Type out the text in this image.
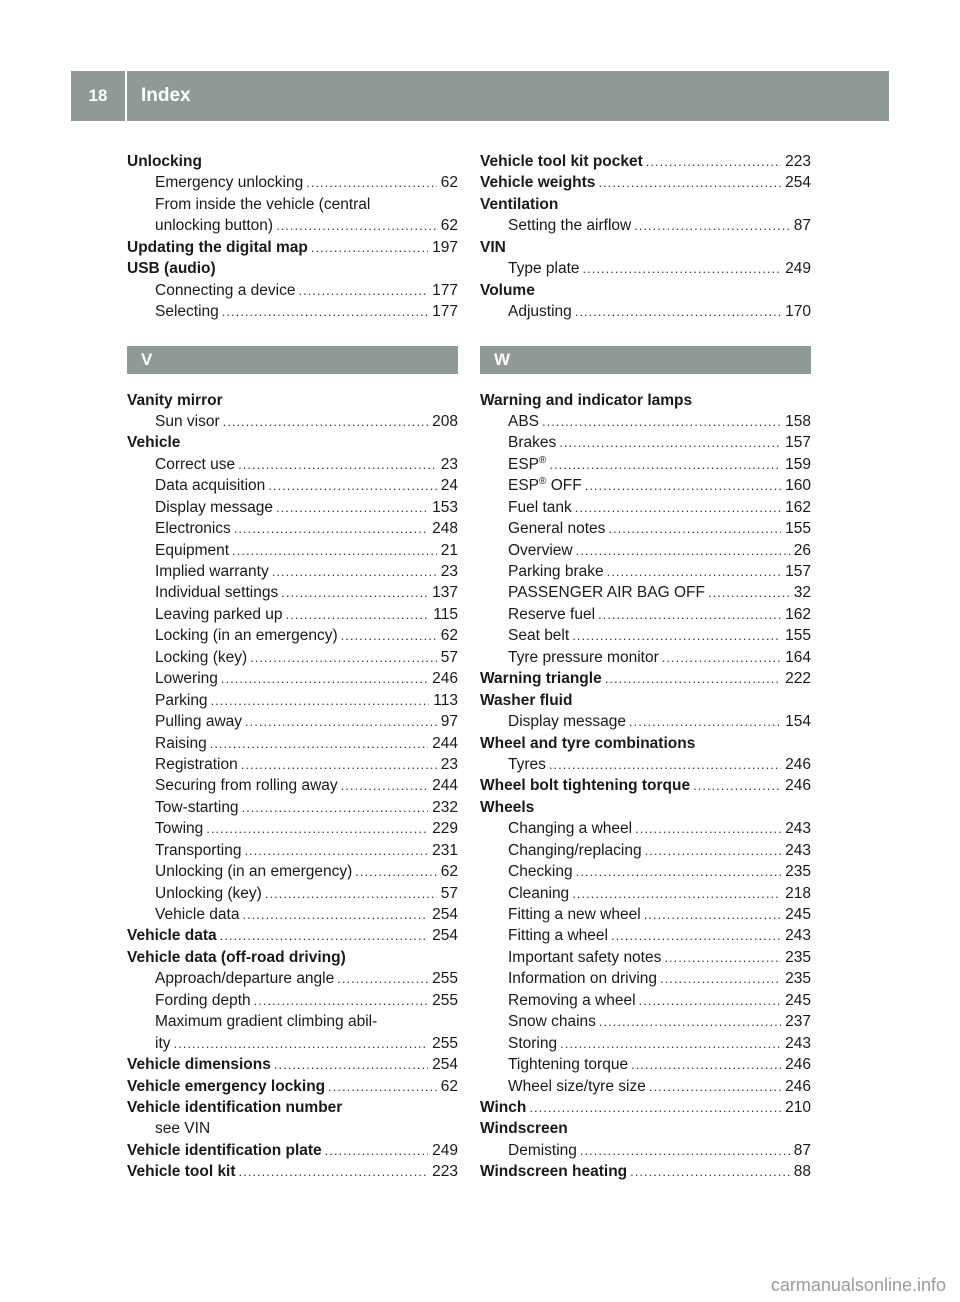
18	Index
Unlocking
Emergency unlocking .....	62
From inside the vehicle (central
unlocking button) .....	62
Updating the digital map .....	197
USB (audio)
Connecting a device .....	177
Selecting .....	177
V
Vanity mirror
Sun visor .....	208
Vehicle
Correct use .....	23
Data acquisition .....	24
Display message .....	153
Electronics .....	248
Equipment .....	21
Implied warranty .....	23
Individual settings .....	137
Leaving parked up .....	115
Locking (in an emergency) .....	62
Locking (key) .....	57
Lowering .....	246
Parking .....	113
Pulling away .....	97
Raising .....	244
Registration .....	23
Securing from rolling away .....	244
Tow-starting .....	232
Towing .....	229
Transporting .....	231
Unlocking (in an emergency) .....	62
Unlocking (key) .....	57
Vehicle data .....	254
Vehicle data .....	254
Vehicle data (off-road driving)
Approach/departure angle .....	255
Fording depth .....	255
Maximum gradient climbing abil-
ity .....	255
Vehicle dimensions .....	254
Vehicle emergency locking .....	62
Vehicle identification number
see VIN
Vehicle identification plate .....	249
Vehicle tool kit .....	223
Vehicle tool kit pocket .....	223
Vehicle weights .....	254
Ventilation
Setting the airflow .....	87
VIN
Type plate .....	249
Volume
Adjusting .....	170
W
Warning and indicator lamps
ABS .....	158
Brakes .....	157
ESP® .....	159
ESP® OFF .....	160
Fuel tank .....	162
General notes .....	155
Overview .....	26
Parking brake .....	157
PASSENGER AIR BAG OFF .....	32
Reserve fuel .....	162
Seat belt .....	155
Tyre pressure monitor .....	164
Warning triangle .....	222
Washer fluid
Display message .....	154
Wheel and tyre combinations
Tyres .....	246
Wheel bolt tightening torque .....	246
Wheels
Changing a wheel .....	243
Changing/replacing .....	243
Checking .....	235
Cleaning .....	218
Fitting a new wheel .....	245
Fitting a wheel .....	243
Important safety notes .....	235
Information on driving .....	235
Removing a wheel .....	245
Snow chains .....	237
Storing .....	243
Tightening torque .....	246
Wheel size/tyre size .....	246
Winch .....	210
Windscreen
Demisting .....	87
Windscreen heating .....	88
carmanualsonline.info
